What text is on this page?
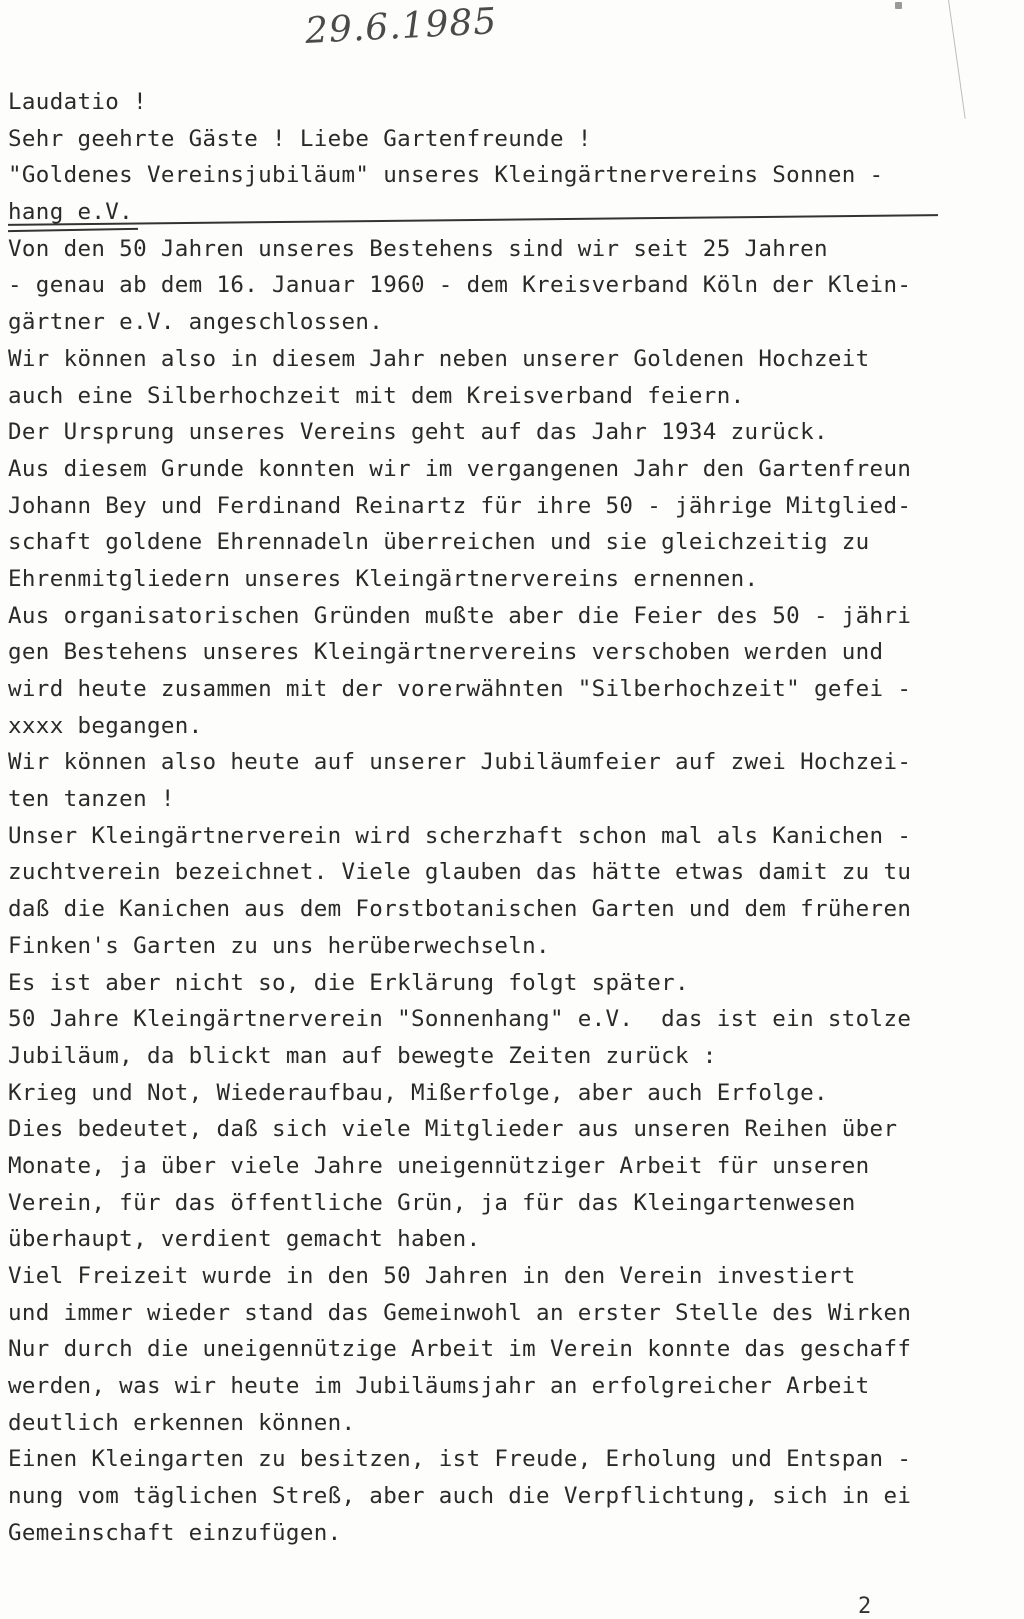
29.6.1985
Laudatio !
Sehr geehrte Gäste ! Liebe Gartenfreunde !
"Goldenes Vereinsjubiläum" unseres Kleingärtnervereins Sonnen -
hang e.V.
Von den 50 Jahren unseres Bestehens sind wir seit 25 Jahren
- genau ab dem 16. Januar 1960 - dem Kreisverband Köln der Klein-
gärtner e.V. angeschlossen.
Wir können also in diesem Jahr neben unserer Goldenen Hochzeit
auch eine Silberhochzeit mit dem Kreisverband feiern.
Der Ursprung unseres Vereins geht auf das Jahr 1934 zurück.
Aus diesem Grunde konnten wir im vergangenen Jahr den Gartenfreun
Johann Bey und Ferdinand Reinartz für ihre 50 - jährige Mitglied-
schaft goldene Ehrennadeln überreichen und sie gleichzeitig zu
Ehrenmitgliedern unseres Kleingärtnervereins ernennen.
Aus organisatorischen Gründen mußte aber die Feier des 50 - jähri
gen Bestehens unseres Kleingärtnervereins verschoben werden und
wird heute zusammen mit der vorerwähnten "Silberhochzeit" gefei -
xxxx begangen.
Wir können also heute auf unserer Jubiläumfeier auf zwei Hochzei-
ten tanzen !
Unser Kleingärtnerverein wird scherzhaft schon mal als Kanichen -
zuchtverein bezeichnet. Viele glauben das hätte etwas damit zu tu
daß die Kanichen aus dem Forstbotanischen Garten und dem früheren
Finken's Garten zu uns herüberwechseln.
Es ist aber nicht so, die Erklärung folgt später.
50 Jahre Kleingärtnerverein "Sonnenhang" e.V.  das ist ein stolze
Jubiläum, da blickt man auf bewegte Zeiten zurück :
Krieg und Not, Wiederaufbau, Mißerfolge, aber auch Erfolge.
Dies bedeutet, daß sich viele Mitglieder aus unseren Reihen über
Monate, ja über viele Jahre uneigennütziger Arbeit für unseren
Verein, für das öffentliche Grün, ja für das Kleingartenwesen
überhaupt, verdient gemacht haben.
Viel Freizeit wurde in den 50 Jahren in den Verein investiert
und immer wieder stand das Gemeinwohl an erster Stelle des Wirken
Nur durch die uneigennützige Arbeit im Verein konnte das geschaff
werden, was wir heute im Jubiläumsjahr an erfolgreicher Arbeit
deutlich erkennen können.
Einen Kleingarten zu besitzen, ist Freude, Erholung und Entspan -
nung vom täglichen Streß, aber auch die Verpflichtung, sich in ei
Gemeinschaft einzufügen.
2
